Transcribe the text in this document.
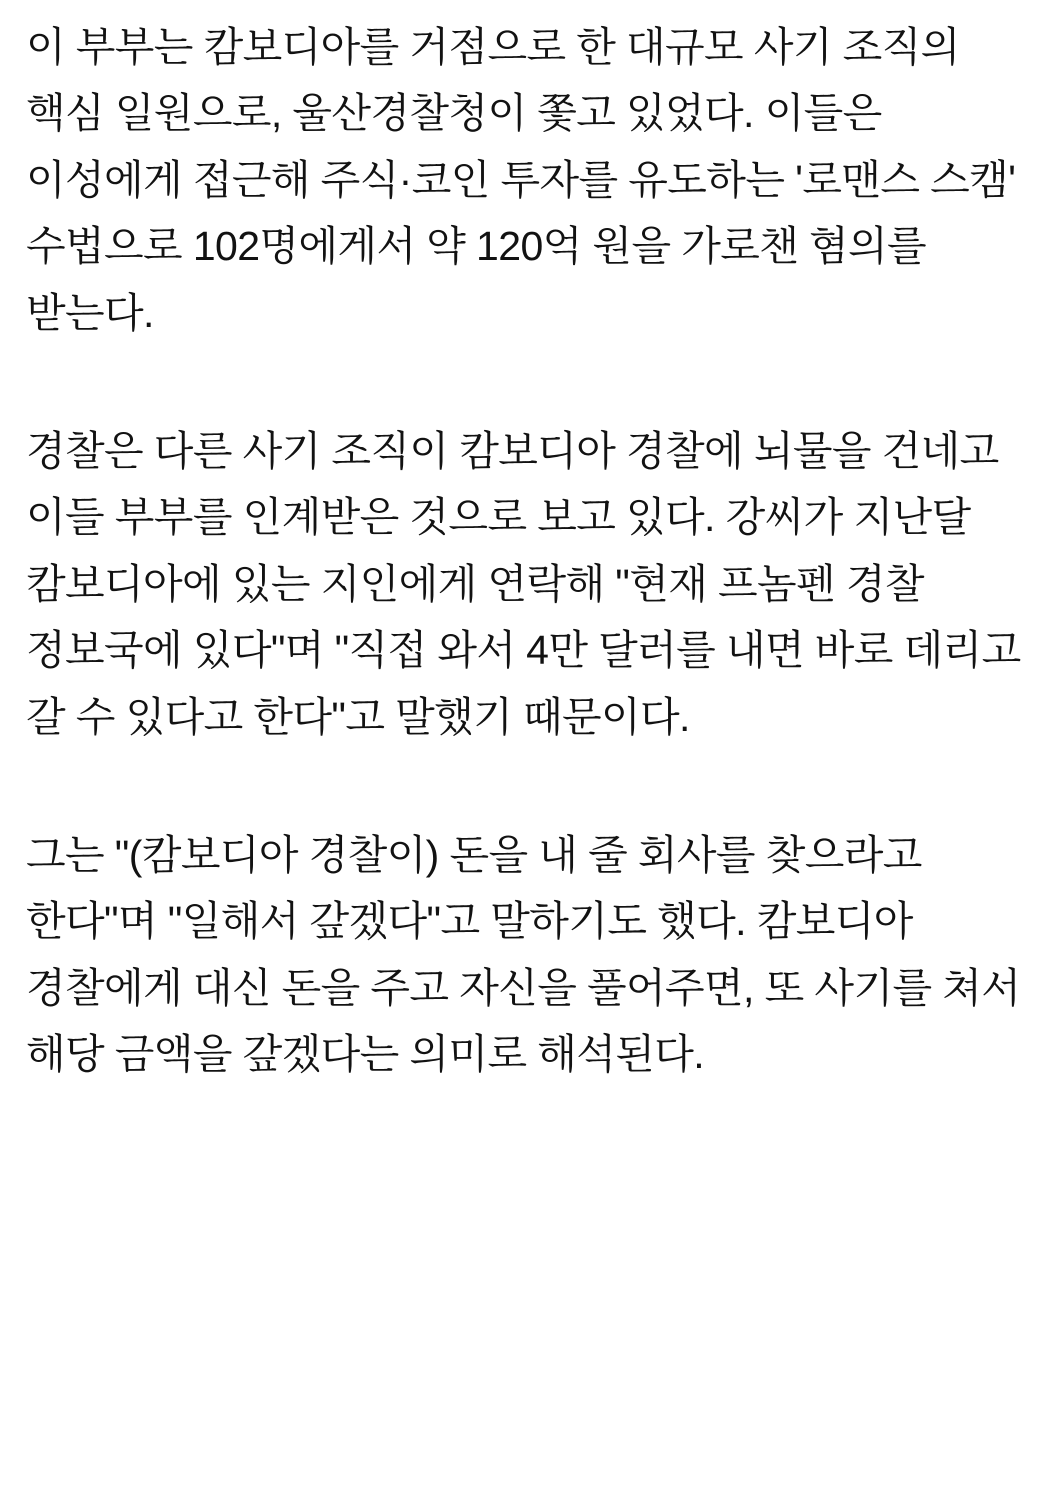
이 부부는 캄보디아를 거점으로 한 대규모 사기 조직의 핵심 일원으로, 울산경찰청이 쫓고 있었다. 이들은 이성에게 접근해 주식·코인 투자를 유도하는 '로맨스 스캠' 수법으로 102명에게서 약 120억 원을 가로챈 혐의를 받는다.

경찰은 다른 사기 조직이 캄보디아 경찰에 뇌물을 건네고 이들 부부를 인계받은 것으로 보고 있다. 강씨가 지난달 캄보디아에 있는 지인에게 연락해 "현재 프놈펜 경찰 정보국에 있다"며 "직접 와서 4만 달러를 내면 바로 데리고 갈 수 있다고 한다"고 말했기 때문이다.

그는 "(캄보디아 경찰이) 돈을 내 줄 회사를 찾으라고 한다"며 "일해서 갚겠다"고 말하기도 했다. 캄보디아 경찰에게 대신 돈을 주고 자신을 풀어주면, 또 사기를 쳐서 해당 금액을 갚겠다는 의미로 해석된다.
